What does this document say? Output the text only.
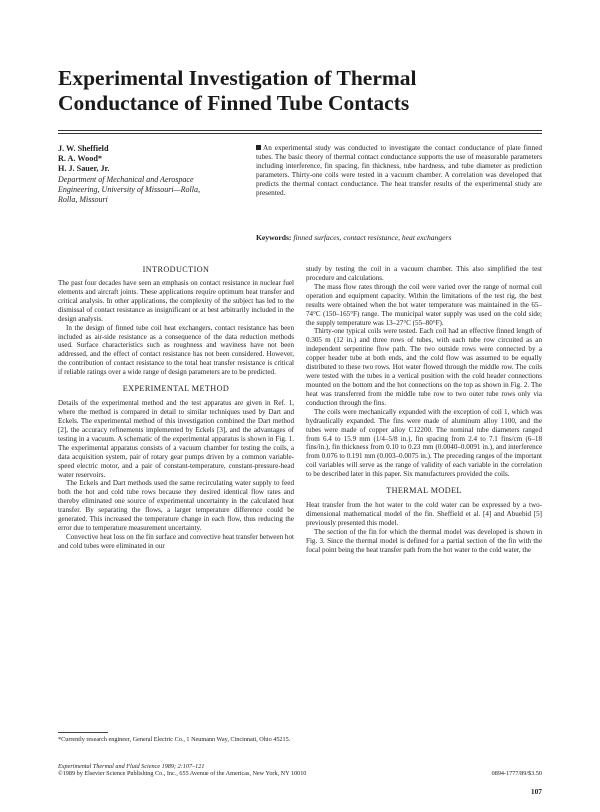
Experimental Investigation of Thermal
Conductance of Finned Tube Contacts
J. W. Sheffield
R. A. Wood*
H. J. Sauer, Jr.
Department of Mechanical and Aerospace
Engineering, University of Missouri—Rolla,
Rolla, Missouri
An experimental study was conducted to investigate the contact conductance of plate finned tubes. The basic theory of thermal contact conductance supports the use of measurable parameters including interference, fin spacing, fin thickness, tube hardness, and tube diameter as prediction parameters. Thirty-one coils were tested in a vacuum chamber. A correlation was developed that predicts the thermal contact conductance. The heat transfer results of the experimental study are presented.
Keywords: finned surfaces, contact resistance, heat exchangers
INTRODUCTION

The past four decades have seen an emphasis on contact resistance in nuclear fuel elements and aircraft joints. These applications require optimum heat transfer and critical analysis. In other applications, the complexity of the subject has led to the dismissal of contact resistance as insignificant or at best arbitrarily included in the design analysis.

In the design of finned tube coil heat exchangers, contact resistance has been included as air-side resistance as a consequence of the data reduction methods used. Surface characteristics such as roughness and waviness have not been addressed, and the effect of contact resistance has not been considered. However, the contribution of contact resistance to the total heat transfer resistance is critical if reliable ratings over a wide range of design parameters are to be predicted.

EXPERIMENTAL METHOD

Details of the experimental method and the test apparatus are given in Ref. 1, where the method is compared in detail to similar techniques used by Dart and Eckels. The experimental method of this investigation combined the Dart method [2], the accuracy refinements implemented by Eckels [3], and the advantages of testing in a vacuum. A schematic of the experimental apparatus is shown in Fig. 1. The experimental apparatus consists of a vacuum chamber for testing the coils, a data acquisition system, pair of rotary gear pumps driven by a common variable-speed electric motor, and a pair of constant-temperature, constant-pressure-head water reservoirs.

The Eckels and Dart methods used the same recirculating water supply to feed both the hot and cold tube rows because they desired identical flow rates and thereby eliminated one source of experimental uncertainty in the calculated heat transfer. By separating the flows, a larger temperature difference could be generated. This increased the temperature change in each flow, thus reducing the error due to temperature measurement uncertainty.

Convective heat loss on the fin surface and convective heat transfer between hot and cold tubes were eliminated in our

study by testing the coil in a vacuum chamber. This also simplified the test procedure and calculations.

The mass flow rates through the coil were varied over the range of normal coil operation and equipment capacity. Within the limitations of the test rig, the best results were obtained when the hot water temperature was maintained in the 65–74°C (150–165°F) range. The municipal water supply was used on the cold side; the supply temperature was 13–27°C (55–80°F).

Thirty-one typical coils were tested. Each coil had an effective finned length of 0.305 m (12 in.) and three rows of tubes, with each tube row circuited as an independent serpentine flow path. The two outside rows were connected by a copper header tube at both ends, and the cold flow was assumed to be equally distributed to these two rows. Hot water flowed through the middle row. The coils were tested with the tubes in a vertical position with the cold header connections mounted on the bottom and the hot connections on the top as shown in Fig. 2. The heat was transferred from the middle tube row to two outer tube rows only via conduction through the fins.

The coils were mechanically expanded with the exception of coil 1, which was hydraulically expanded. The fins were made of aluminum alloy 1100, and the tubes were made of copper alloy C12200. The nominal tube diameters ranged from 6.4 to 15.9 mm (1/4–5/8 in.), fin spacing from 2.4 to 7.1 fins/cm (6–18 fins/in.), fin thickness from 0.10 to 0.23 mm (0.0040–0.0091 in.), and interference from 0.076 to 0.191 mm (0.003–0.0075 in.). The preceding ranges of the important coil variables will serve as the range of validity of each variable in the correlation to be described later in this paper. Six manufacturers provided the coils.

THERMAL MODEL

Heat transfer from the hot water to the cold water can be expressed by a two-dimensional mathematical model of the fin. Sheffield et al. [4] and Abuebid [5] previously presented this model.

The section of the fin for which the thermal model was developed is shown in Fig. 3. Since the thermal model is defined for a partial section of the fin with the focal point being the heat transfer path from the hot water to the cold water, the

*Currently research engineer, General Electric Co., 1 Neumann Way, Cincinnati, Ohio 45215.
Experimental Thermal and Fluid Science 1989; 2:107–121
©1989 by Elsevier Science Publishing Co., Inc., 655 Avenue of the Americas, New York, NY 10010	0894-1777/89/$3.50
107
